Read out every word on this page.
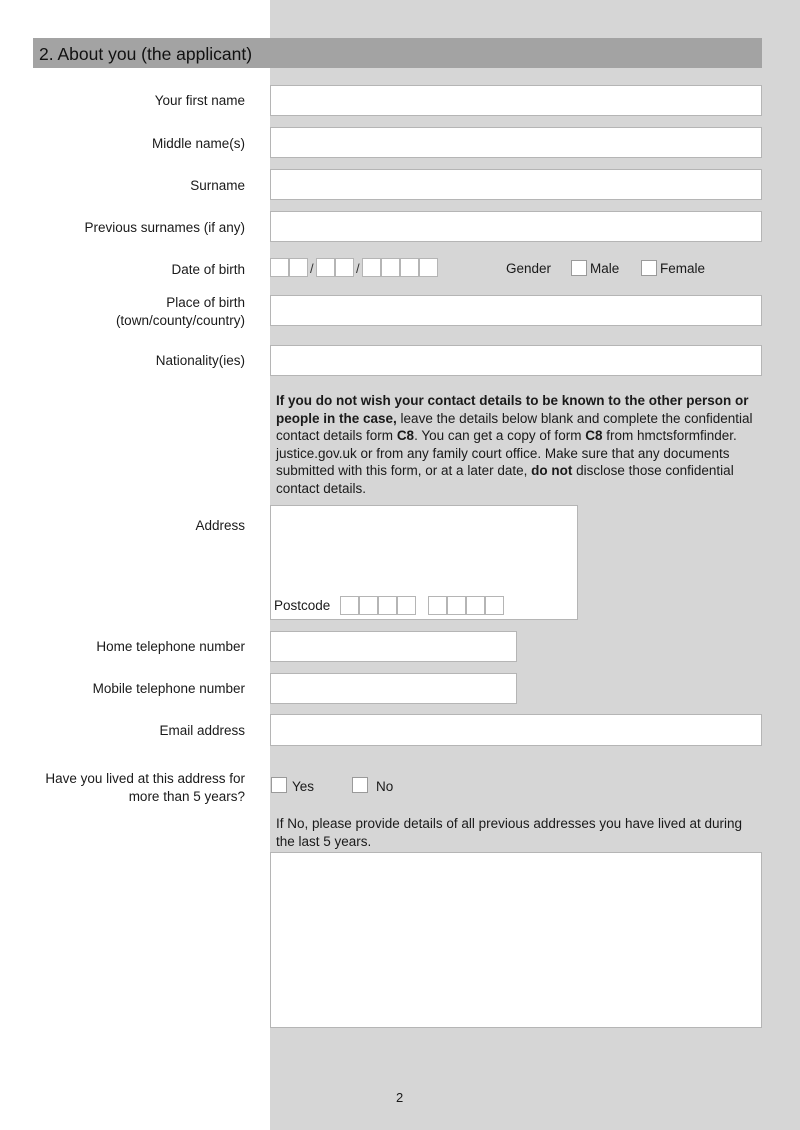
2. About you (the applicant)
Your first name
Middle name(s)
Surname
Previous surnames (if any)
Date of birth	/	/	Gender	Male	Female
Place of birth
(town/county/country)
Nationality(ies)

If you do not wish your contact details to be known to the other person or people in the case, leave the details below blank and complete the confidential contact details form C8. You can get a copy of form C8 from hmctsformfinder. justice.gov.uk or from any family court office. Make sure that any documents submitted with this form, or at a later date, do not disclose those confidential contact details.

Address
Postcode
Home telephone number
Mobile telephone number
Email address
Have you lived at this address for
more than 5 years?
Yes	No
If No, please provide details of all previous addresses you have lived at during the last 5 years.
2
